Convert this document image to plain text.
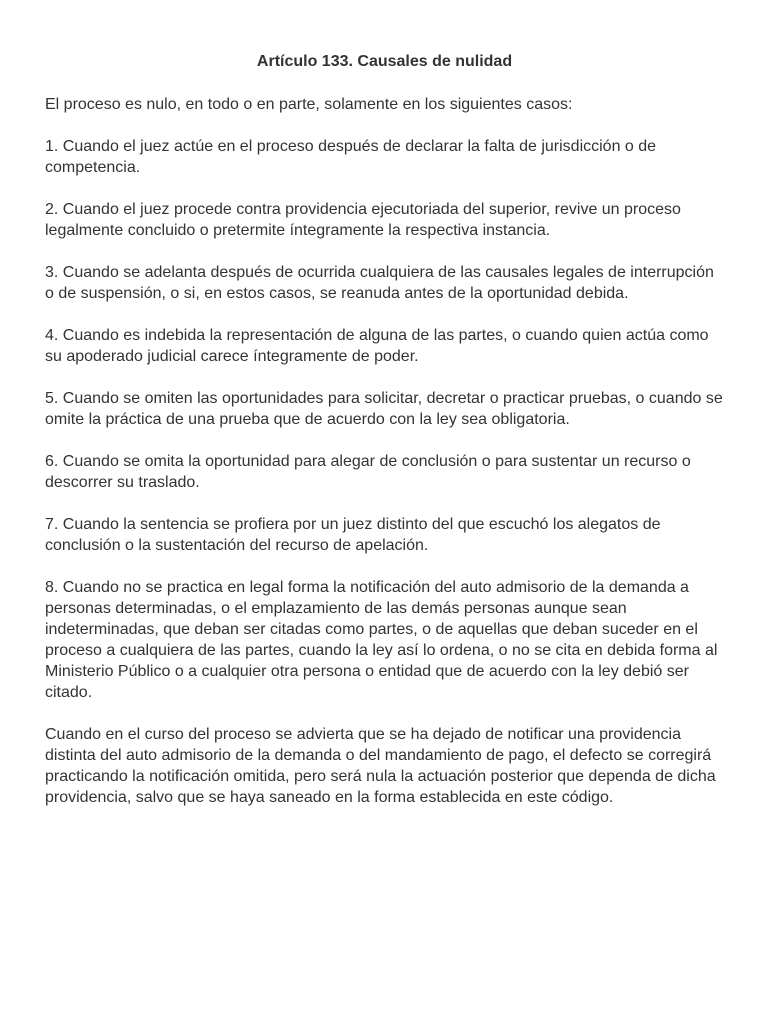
Artículo 133. Causales de nulidad

El proceso es nulo, en todo o en parte, solamente en los siguientes casos:

1. Cuando el juez actúe en el proceso después de declarar la falta de jurisdicción o de competencia.

2. Cuando el juez procede contra providencia ejecutoriada del superior, revive un proceso legalmente concluido o pretermite íntegramente la respectiva instancia.

3. Cuando se adelanta después de ocurrida cualquiera de las causales legales de interrupción o de suspensión, o si, en estos casos, se reanuda antes de la oportunidad debida.

4. Cuando es indebida la representación de alguna de las partes, o cuando quien actúa como su apoderado judicial carece íntegramente de poder.

5. Cuando se omiten las oportunidades para solicitar, decretar o practicar pruebas, o cuando se omite la práctica de una prueba que de acuerdo con la ley sea obligatoria.

6. Cuando se omita la oportunidad para alegar de conclusión o para sustentar un recurso o descorrer su traslado.

7. Cuando la sentencia se profiera por un juez distinto del que escuchó los alegatos de conclusión o la sustentación del recurso de apelación.

8. Cuando no se practica en legal forma la notificación del auto admisorio de la demanda a personas determinadas, o el emplazamiento de las demás personas aunque sean indeterminadas, que deban ser citadas como partes, o de aquellas que deban suceder en el proceso a cualquiera de las partes, cuando la ley así lo ordena, o no se cita en debida forma al Ministerio Público o a cualquier otra persona o entidad que de acuerdo con la ley debió ser citado.

Cuando en el curso del proceso se advierta que se ha dejado de notificar una providencia distinta del auto admisorio de la demanda o del mandamiento de pago, el defecto se corregirá practicando la notificación omitida, pero será nula la actuación posterior que dependa de dicha providencia, salvo que se haya saneado en la forma establecida en este código.
